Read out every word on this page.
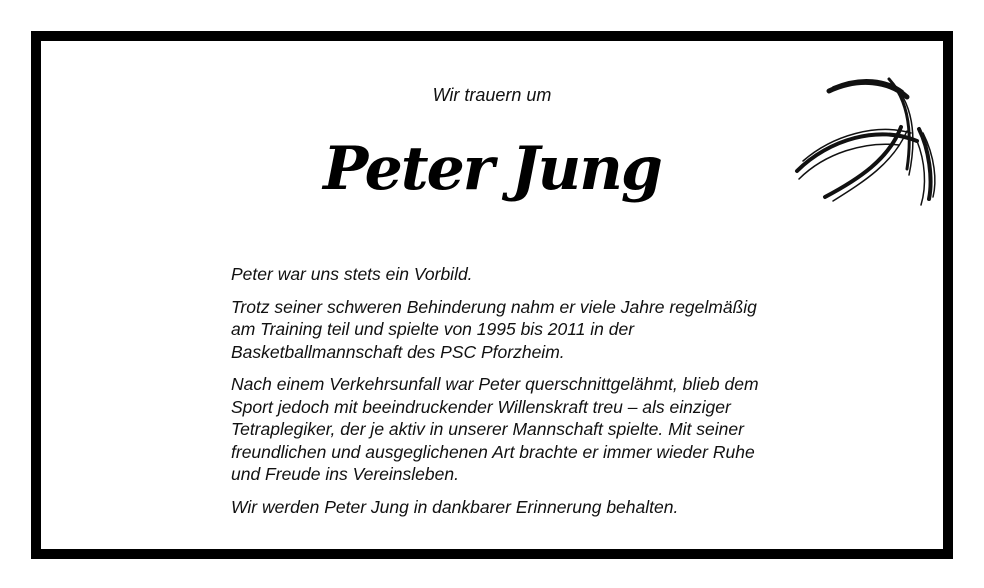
Wir trauern um

Peter Jung

Peter war uns stets ein Vorbild.

Trotz seiner schweren Behinderung nahm er viele Jahre regelmäßig am Training teil und spielte von 1995 bis 2011 in der Basketballmannschaft des PSC Pforzheim.

Nach einem Verkehrsunfall war Peter querschnittgelähmt, blieb dem Sport jedoch mit beeindruckender Willenskraft treu – als einziger Tetraplegiker, der je aktiv in unserer Mannschaft spielte. Mit seiner freundlichen und ausgeglichenen Art brachte er immer wieder Ruhe und Freude ins Vereinsleben.

Wir werden Peter Jung in dankbarer Erinnerung behalten.
